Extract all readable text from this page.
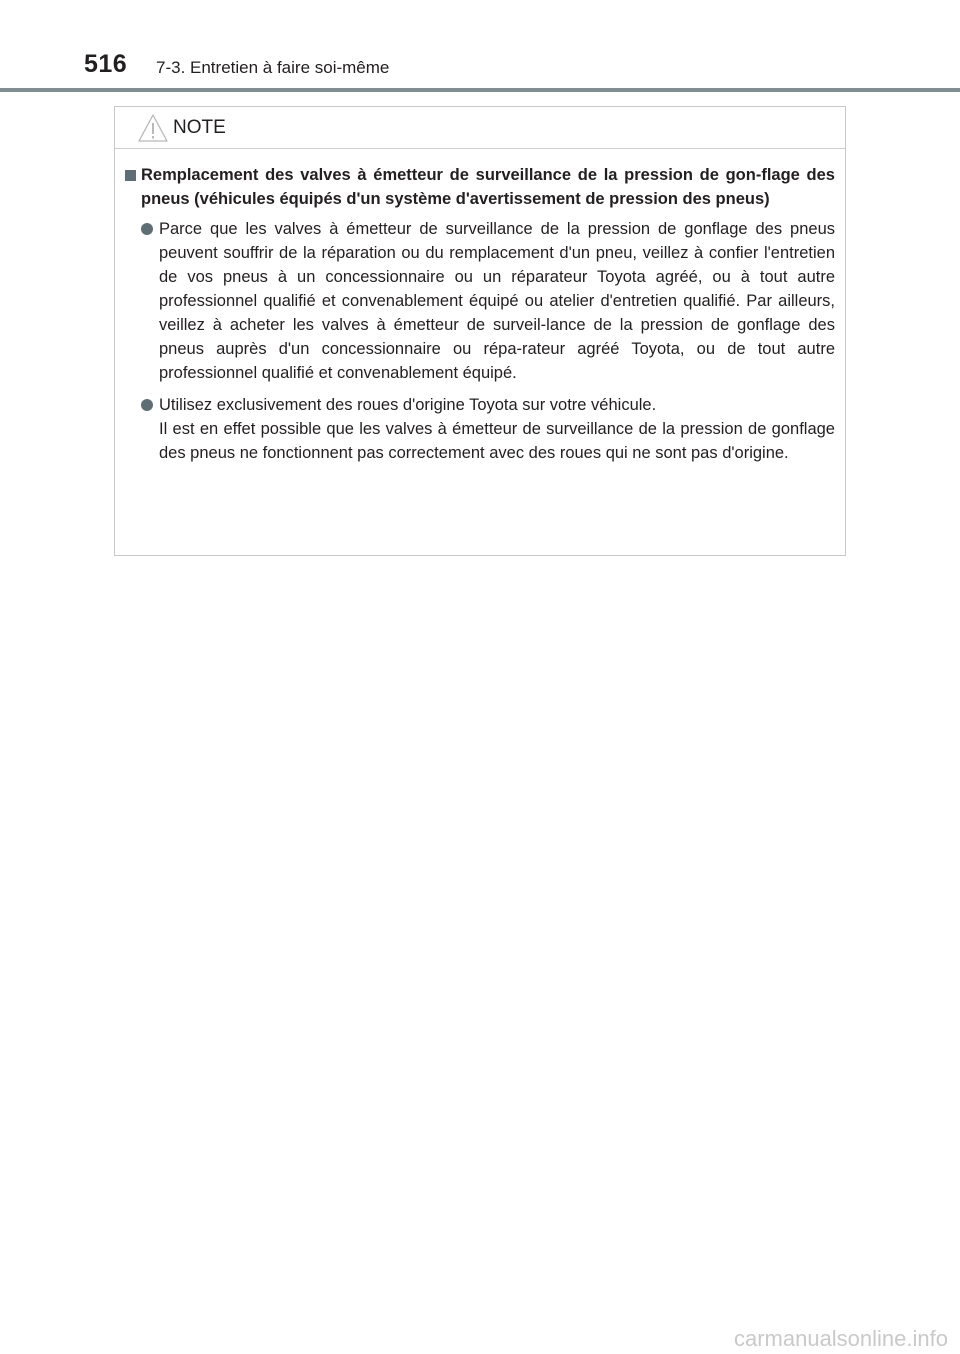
516 7-3. Entretien à faire soi-même
NOTE
Remplacement des valves à émetteur de surveillance de la pression de gon-flage des pneus (véhicules équipés d'un système d'avertissement de pression des pneus)

Parce que les valves à émetteur de surveillance de la pression de gonflage des pneus peuvent souffrir de la réparation ou du remplacement d'un pneu, veillez à confier l'entretien de vos pneus à un concessionnaire ou un réparateur Toyota agréé, ou à tout autre professionnel qualifié et convenablement équipé ou atelier d'entretien qualifié. Par ailleurs, veillez à acheter les valves à émetteur de surveil-lance de la pression de gonflage des pneus auprès d'un concessionnaire ou répa-rateur agréé Toyota, ou de tout autre professionnel qualifié et convenablement équipé.

Utilisez exclusivement des roues d'origine Toyota sur votre véhicule.

Il est en effet possible que les valves à émetteur de surveillance de la pression de gonflage des pneus ne fonctionnent pas correctement avec des roues qui ne sont pas d'origine.

carmanualsonline.info
